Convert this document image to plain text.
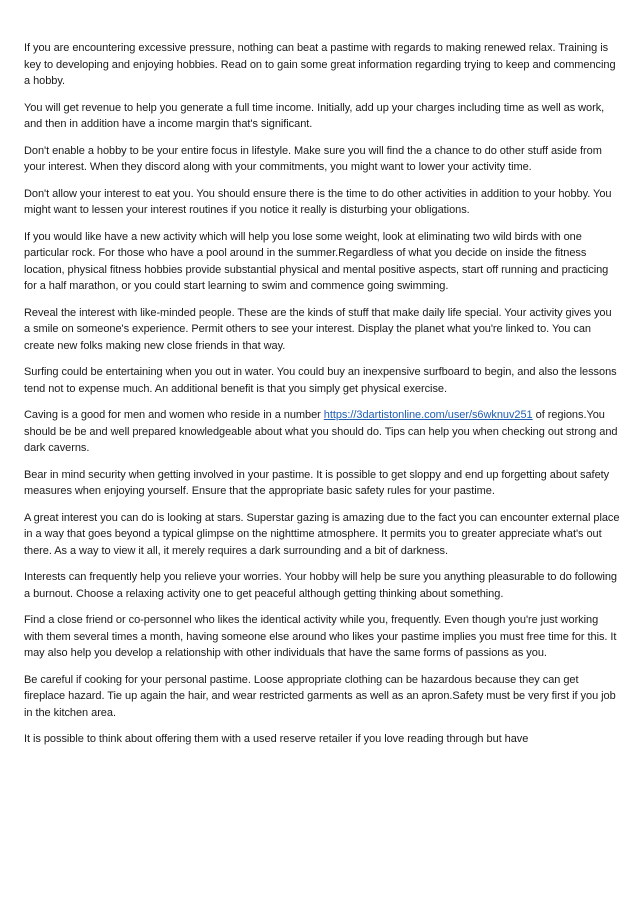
If you are encountering excessive pressure, nothing can beat a pastime with regards to making renewed relax. Training is key to developing and enjoying hobbies. Read on to gain some great information regarding trying to keep and commencing a hobby.

You will get revenue to help you generate a full time income. Initially, add up your charges including time as well as work, and then in addition have a income margin that's significant.

Don't enable a hobby to be your entire focus in lifestyle. Make sure you will find the a chance to do other stuff aside from your interest. When they discord along with your commitments, you might want to lower your activity time.

Don't allow your interest to eat you. You should ensure there is the time to do other activities in addition to your hobby. You might want to lessen your interest routines if you notice it really is disturbing your obligations.

If you would like have a new activity which will help you lose some weight, look at eliminating two wild birds with one particular rock. For those who have a pool around in the summer.Regardless of what you decide on inside the fitness location, physical fitness hobbies provide substantial physical and mental positive aspects, start off running and practicing for a half marathon, or you could start learning to swim and commence going swimming.

Reveal the interest with like-minded people. These are the kinds of stuff that make daily life special. Your activity gives you a smile on someone's experience. Permit others to see your interest. Display the planet what you're linked to. You can create new folks making new close friends in that way.

Surfing could be entertaining when you out in water. You could buy an inexpensive surfboard to begin, and also the lessons tend not to expense much. An additional benefit is that you simply get physical exercise.

Caving is a good for men and women who reside in a number https://3dartistonline.com/user/s6wknuv251 of regions.You should be be and well prepared knowledgeable about what you should do. Tips can help you when checking out strong and dark caverns.

Bear in mind security when getting involved in your pastime. It is possible to get sloppy and end up forgetting about safety measures when enjoying yourself. Ensure that the appropriate basic safety rules for your pastime.

A great interest you can do is looking at stars. Superstar gazing is amazing due to the fact you can encounter external place in a way that goes beyond a typical glimpse on the nighttime atmosphere. It permits you to greater appreciate what's out there. As a way to view it all, it merely requires a dark surrounding and a bit of darkness.

Interests can frequently help you relieve your worries. Your hobby will help be sure you anything pleasurable to do following a burnout. Choose a relaxing activity one to get peaceful although getting thinking about something.

Find a close friend or co-personnel who likes the identical activity while you, frequently. Even though you're just working with them several times a month, having someone else around who likes your pastime implies you must free time for this. It may also help you develop a relationship with other individuals that have the same forms of passions as you.

Be careful if cooking for your personal pastime. Loose appropriate clothing can be hazardous because they can get fireplace hazard. Tie up again the hair, and wear restricted garments as well as an apron.Safety must be very first if you job in the kitchen area.

It is possible to think about offering them with a used reserve retailer if you love reading through but have
